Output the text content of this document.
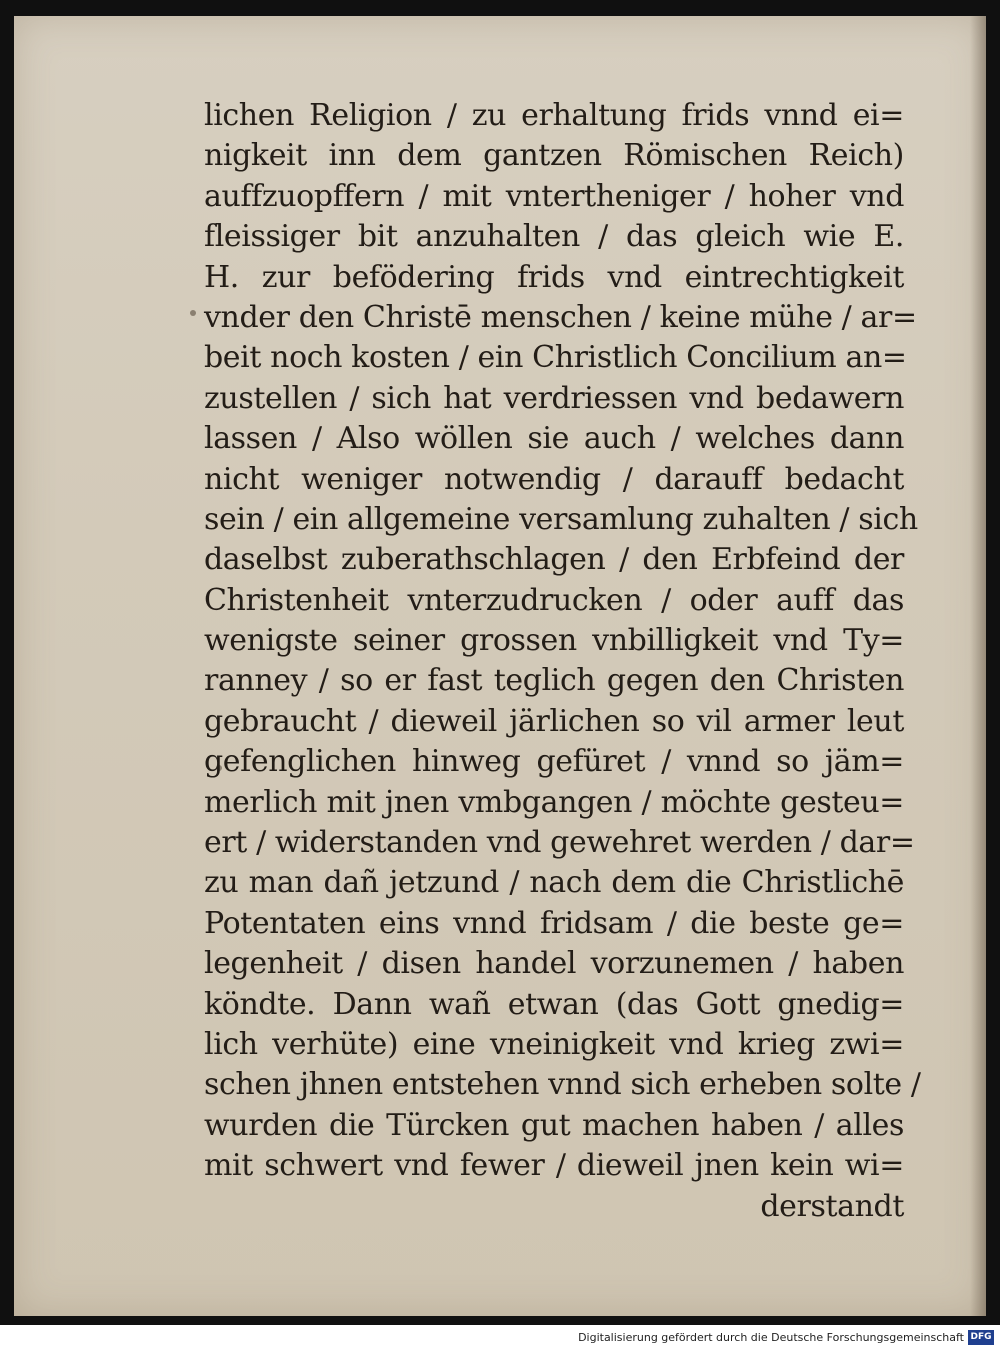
lichen Religion / zu erhaltung frids vnnd ei=
nigkeit inn dem gantzen Römischen Reich)
auffzuopffern / mit vntertheniger / hoher vnd
fleissiger bit anzuhalten / das gleich wie E.
H. zur befödering frids vnd eintrechtigkeit
vnder den Christē menschen / keine mühe / ar=
beit noch kosten / ein Christlich Concilium an=
zustellen / sich hat verdriessen vnd bedawern
lassen / Also wöllen sie auch / welches dann
nicht weniger notwendig / darauff bedacht
sein / ein allgemeine versamlung zuhalten / sich
daselbst zuberathschlagen / den Erbfeind der
Christenheit vnterzudrucken / oder auff das
wenigste seiner grossen vnbilligkeit vnd Ty=
ranney / so er fast teglich gegen den Christen
gebraucht / dieweil järlichen so vil armer leut
gefenglichen hinweg gefüret / vnnd so jäm=
merlich mit jnen vmbgangen / möchte gesteu=
ert / widerstanden vnd gewehret werden / dar=
zu man dañ jetzund / nach dem die Christlichē
Potentaten eins vnnd fridsam / die beste ge=
legenheit / disen handel vorzunemen / haben
köndte. Dann wañ etwan (das Gott gnedig=
lich verhüte) eine vneinigkeit vnd krieg zwi=
schen jhnen entstehen vnnd sich erheben solte /
wurden die Türcken gut machen haben / alles
mit schwert vnd fewer / dieweil jnen kein wi=
derstandt
Digitalisierung gefördert durch die Deutsche Forschungsgemeinschaft DFG
